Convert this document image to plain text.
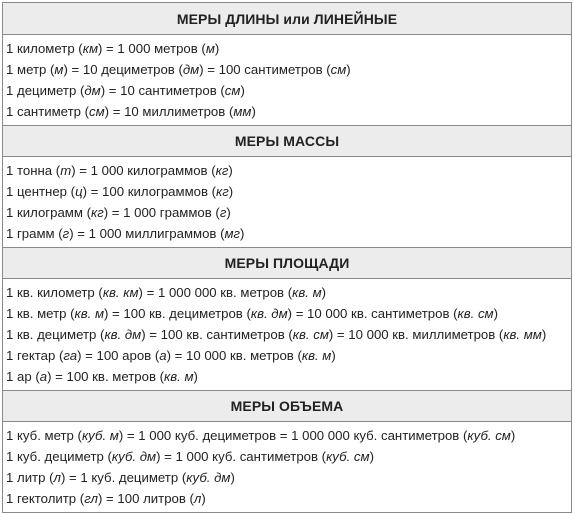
МЕРЫ ДЛИНЫ или ЛИНЕЙНЫЕ
1 километр (км) = 1 000 метров (м)
1 метр (м) = 10 дециметров (дм) = 100 сантиметров (см)
1 дециметр (дм) = 10 сантиметров (см)
1 сантиметр (см) = 10 миллиметров (мм)
МЕРЫ МАССЫ
1 тонна (т) = 1 000 килограммов (кг)
1 центнер (ц) = 100 килограммов (кг)
1 килограмм (кг) = 1 000 граммов (г)
1 грамм (г) = 1 000 миллиграммов (мг)
МЕРЫ ПЛОЩАДИ
1 кв. километр (кв. км) = 1 000 000 кв. метров (кв. м)
1 кв. метр (кв. м) = 100 кв. дециметров (кв. дм) = 10 000 кв. сантиметров (кв. см)
1 кв. дециметр (кв. дм) = 100 кв. сантиметров (кв. см) = 10 000 кв. миллиметров (кв. мм)
1 гектар (га) = 100 аров (а) = 10 000 кв. метров (кв. м)
1 ар (а) = 100 кв. метров (кв. м)
МЕРЫ ОБЪЕМА
1 куб. метр (куб. м) = 1 000 куб. дециметров = 1 000 000 куб. сантиметров (куб. см)
1 куб. дециметр (куб. дм) = 1 000 куб. сантиметров (куб. см)
1 литр (л) = 1 куб. дециметр (куб. дм)
1 гектолитр (гл) = 100 литров (л)
